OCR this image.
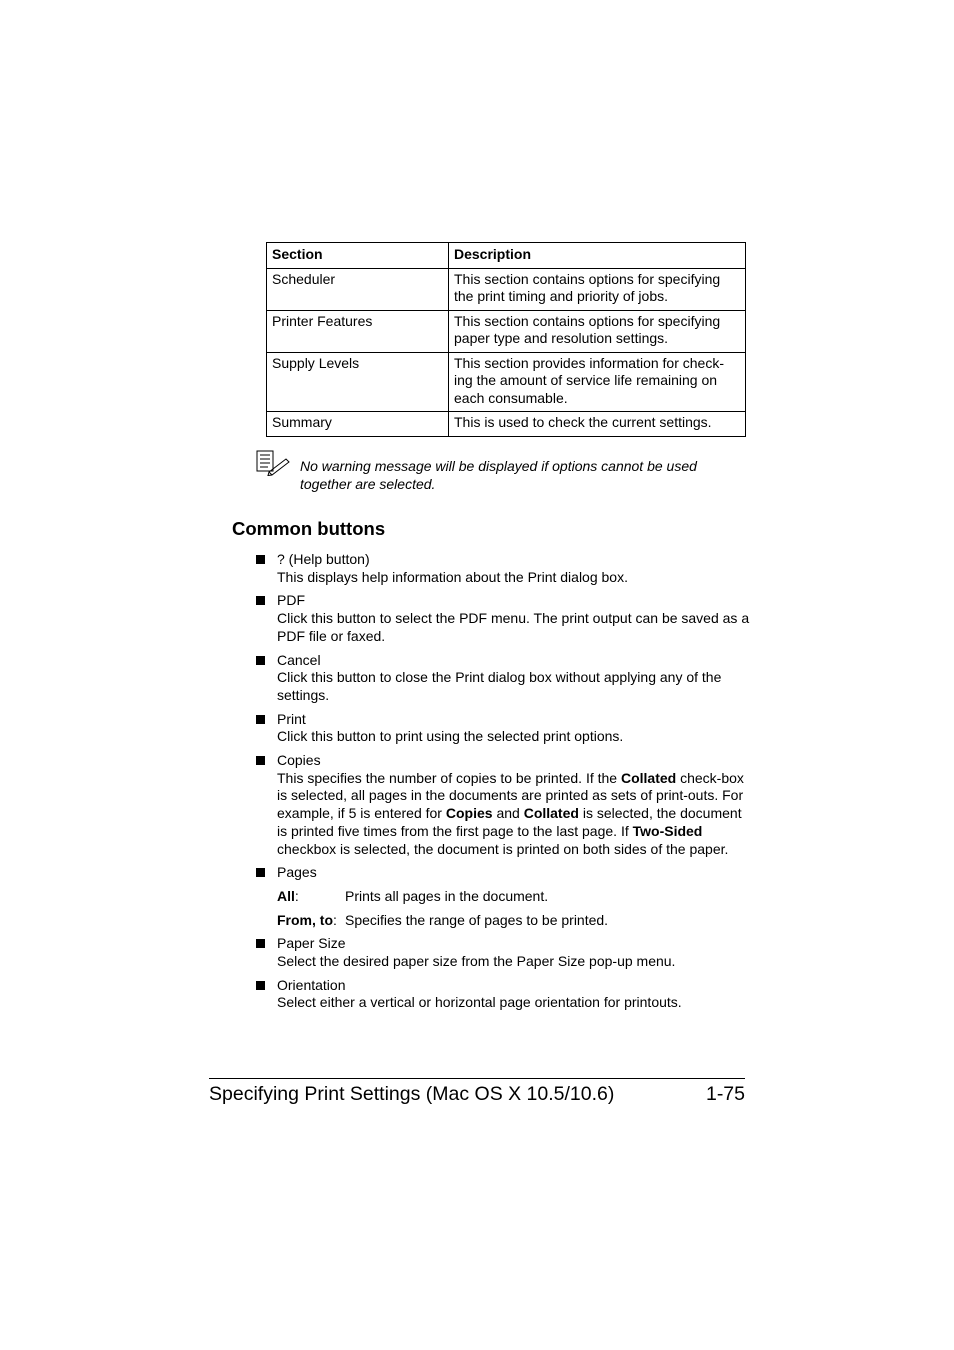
Section	Description
Scheduler	This section contains options for specifying the print timing and priority of jobs.
Printer Features	This section contains options for specifying paper type and resolution settings.
Supply Levels	This section provides information for check-ing the amount of service life remaining on each consumable.
Summary	This is used to check the current settings.

No warning message will be displayed if options cannot be used together are selected.

Common buttons

? (Help button)

This displays help information about the Print dialog box.

PDF

Click this button to select the PDF menu. The print output can be saved as a PDF file or faxed.

Cancel

Click this button to close the Print dialog box without applying any of the settings.

Print

Click this button to print using the selected print options.

Copies

This specifies the number of copies to be printed. If the Collated check-box is selected, all pages in the documents are printed as sets of print-outs. For example, if 5 is entered for Copies and Collated is selected, the document is printed five times from the first page to the last page. If Two-Sided checkbox is selected, the document is printed on both sides of the paper.

Pages

All:	Prints all pages in the document.
From, to: Specifies the range of pages to be printed.

Paper Size

Select the desired paper size from the Paper Size pop-up menu.

Orientation

Select either a vertical or horizontal page orientation for printouts.

Specifying Print Settings (Mac OS X 10.5/10.6)	1-75
